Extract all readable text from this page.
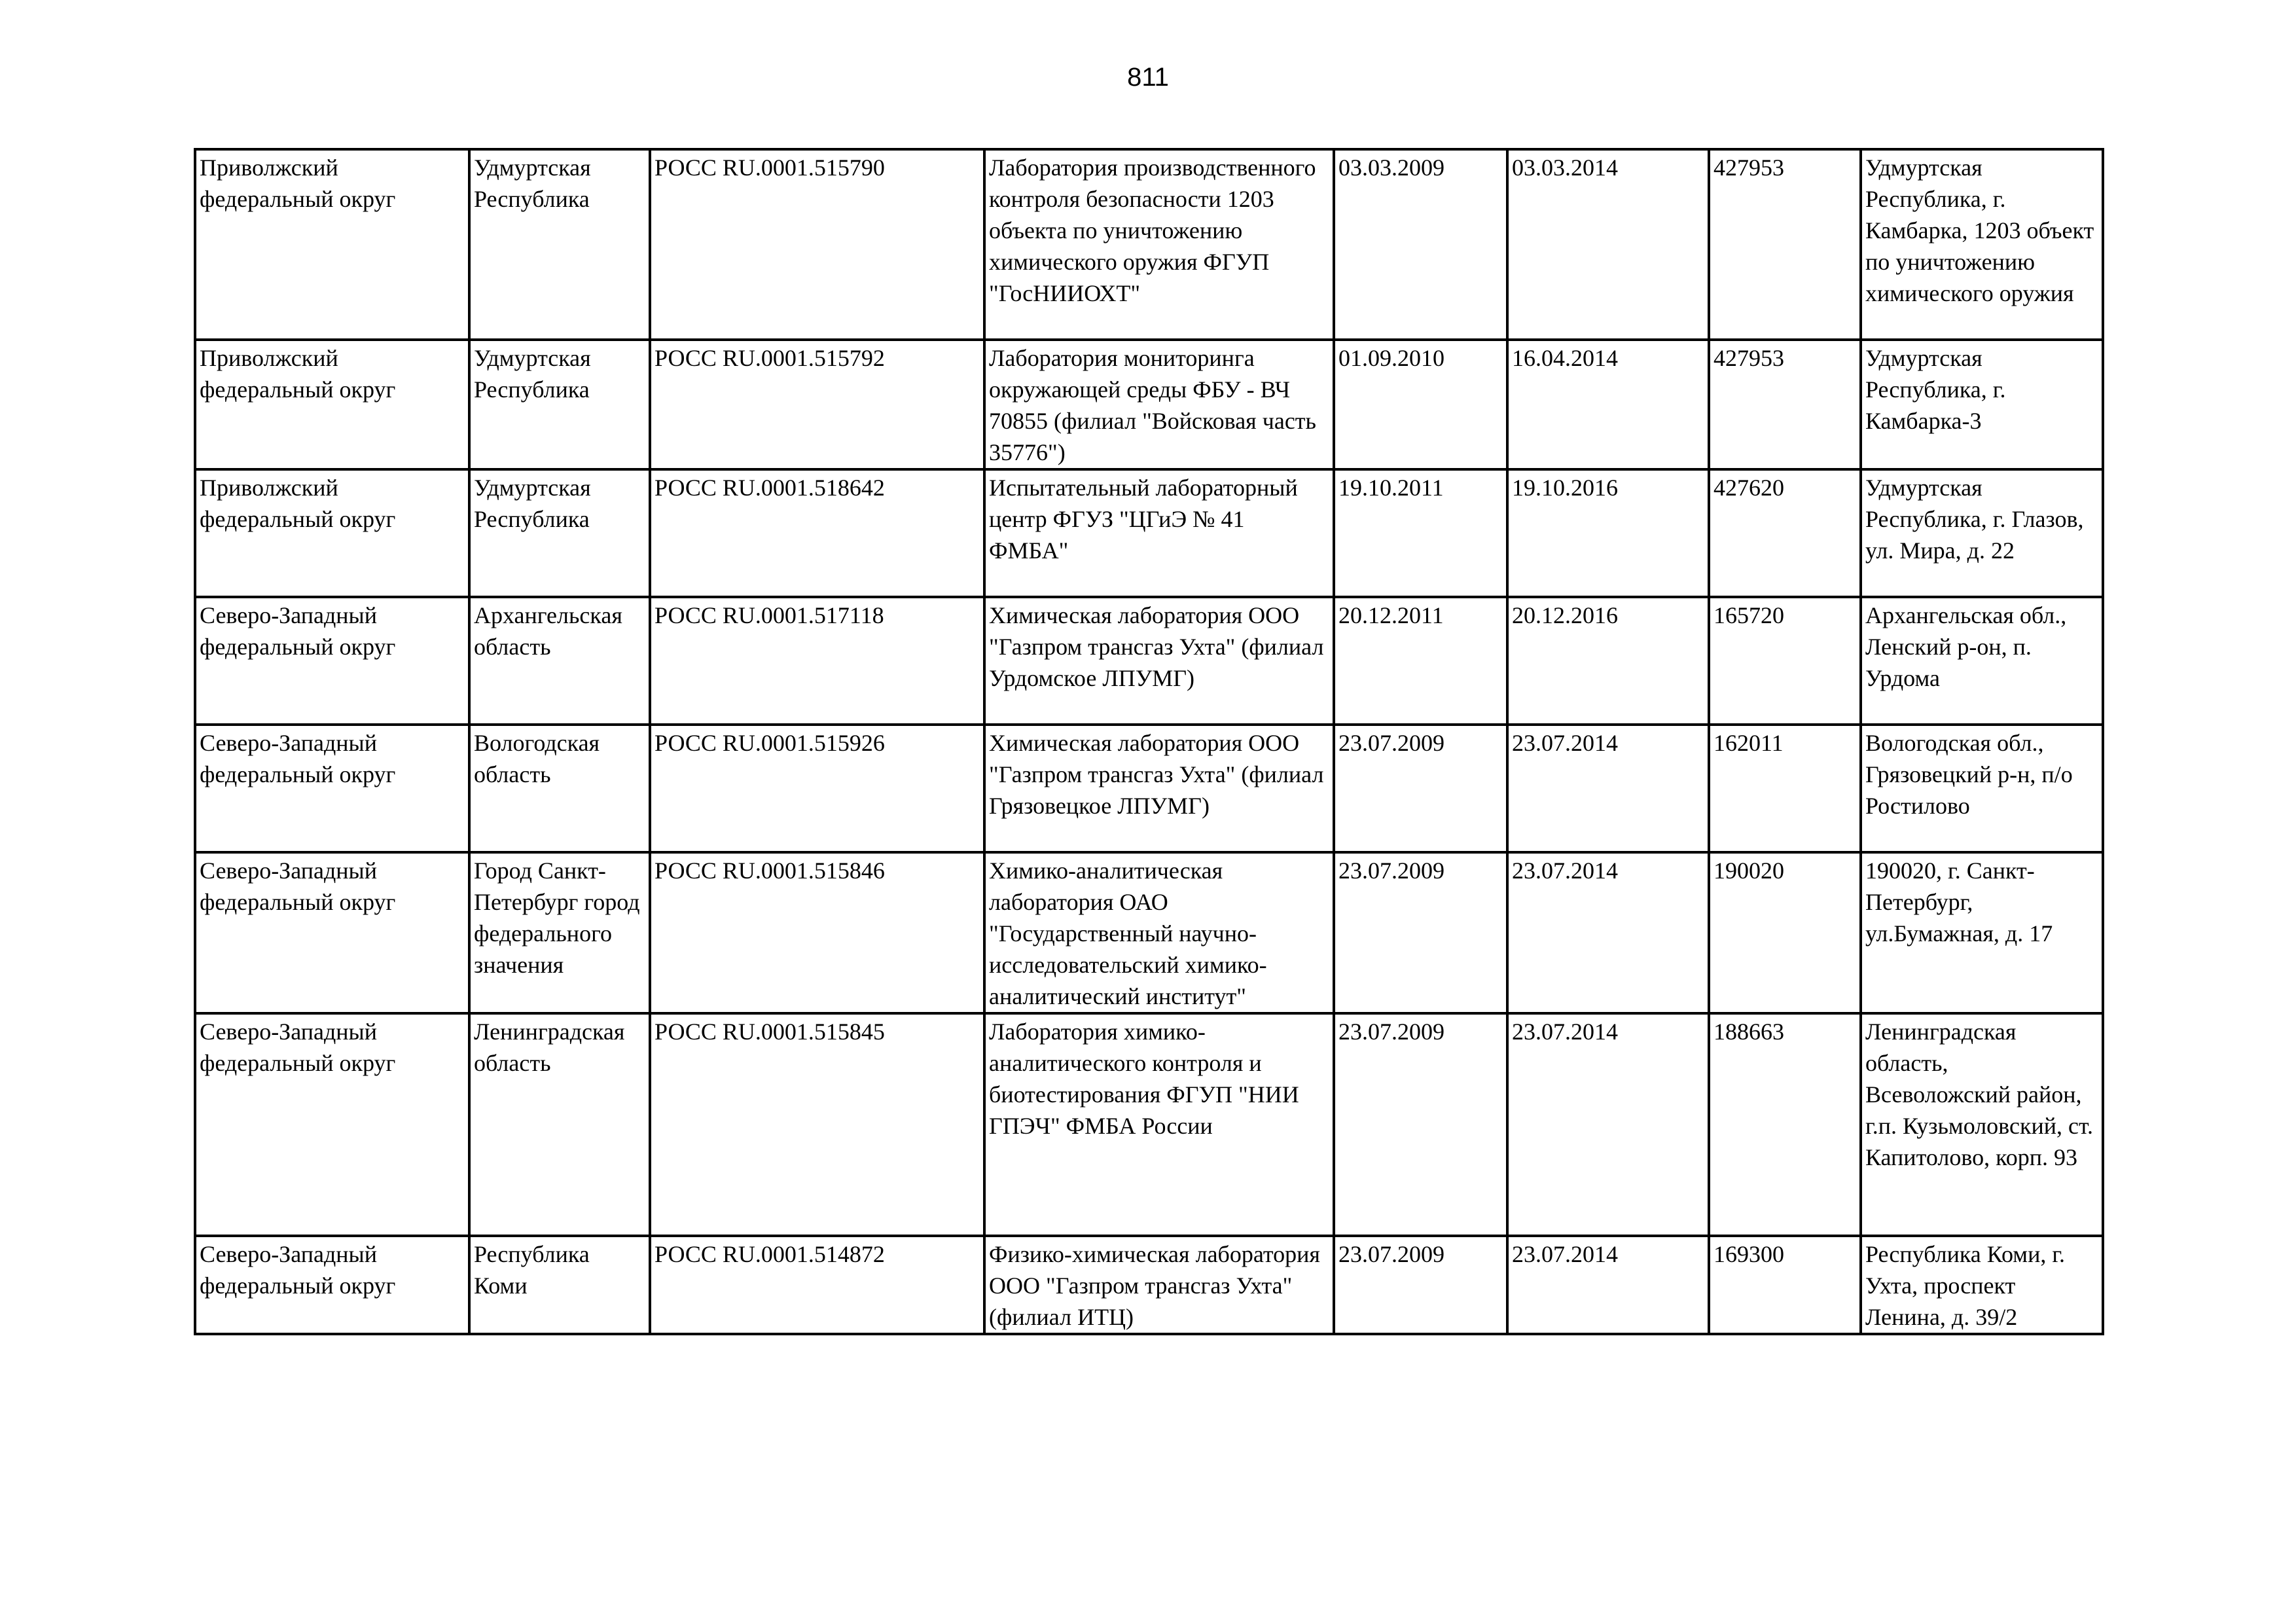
811
Приволжский федеральный округ	Удмуртская Республика	РОСС RU.0001.515790	Лаборатория производственного контроля безопасности 1203 объекта по уничтожению химического оружия ФГУП "ГосНИИОХТ"	03.03.2009	03.03.2014	427953	Удмуртская Республика, г. Камбарка, 1203 объект по уничтожению химического оружия
Приволжский федеральный округ	Удмуртская Республика	РОСС RU.0001.515792	Лаборатория мониторинга окружающей среды ФБУ - ВЧ 70855 (филиал "Войсковая часть 35776")	01.09.2010	16.04.2014	427953	Удмуртская Республика, г. Камбарка-3
Приволжский федеральный округ	Удмуртская Республика	РОСС RU.0001.518642	Испытательный лабораторный центр ФГУЗ "ЦГиЭ № 41 ФМБА"	19.10.2011	19.10.2016	427620	Удмуртская Республика, г. Глазов, ул. Мира, д. 22
Северо-Западный федеральный округ	Архангельская область	РОСС RU.0001.517118	Химическая лаборатория ООО "Газпром трансгаз Ухта" (филиал Урдомское ЛПУМГ)	20.12.2011	20.12.2016	165720	Архангельская обл., Ленский р-он, п. Урдома
Северо-Западный федеральный округ	Вологодская область	РОСС RU.0001.515926	Химическая лаборатория ООО "Газпром трансгаз Ухта" (филиал Грязовецкое ЛПУМГ)	23.07.2009	23.07.2014	162011	Вологодская обл., Грязовецкий р-н, п/о Ростилово
Северо-Западный федеральный округ	Город Санкт-Петербург город федерального значения	РОСС RU.0001.515846	Химико-аналитическая лаборатория ОАО "Государственный научно-исследовательский химико-аналитический институт"	23.07.2009	23.07.2014	190020	190020, г. Санкт-Петербург, ул.Бумажная, д. 17
Северо-Западный федеральный округ	Ленинградская область	РОСС RU.0001.515845	Лаборатория химико-аналитического контроля и биотестирования ФГУП "НИИ ГПЭЧ" ФМБА России	23.07.2009	23.07.2014	188663	Ленинградская область, Всеволожский район, г.п. Кузьмоловский, ст. Капитолово, корп. 93
Северо-Западный федеральный округ	Республика Коми	РОСС RU.0001.514872	Физико-химическая лаборатория ООО "Газпром трансгаз Ухта" (филиал ИТЦ)	23.07.2009	23.07.2014	169300	Республика Коми, г. Ухта, проспект Ленина, д. 39/2
